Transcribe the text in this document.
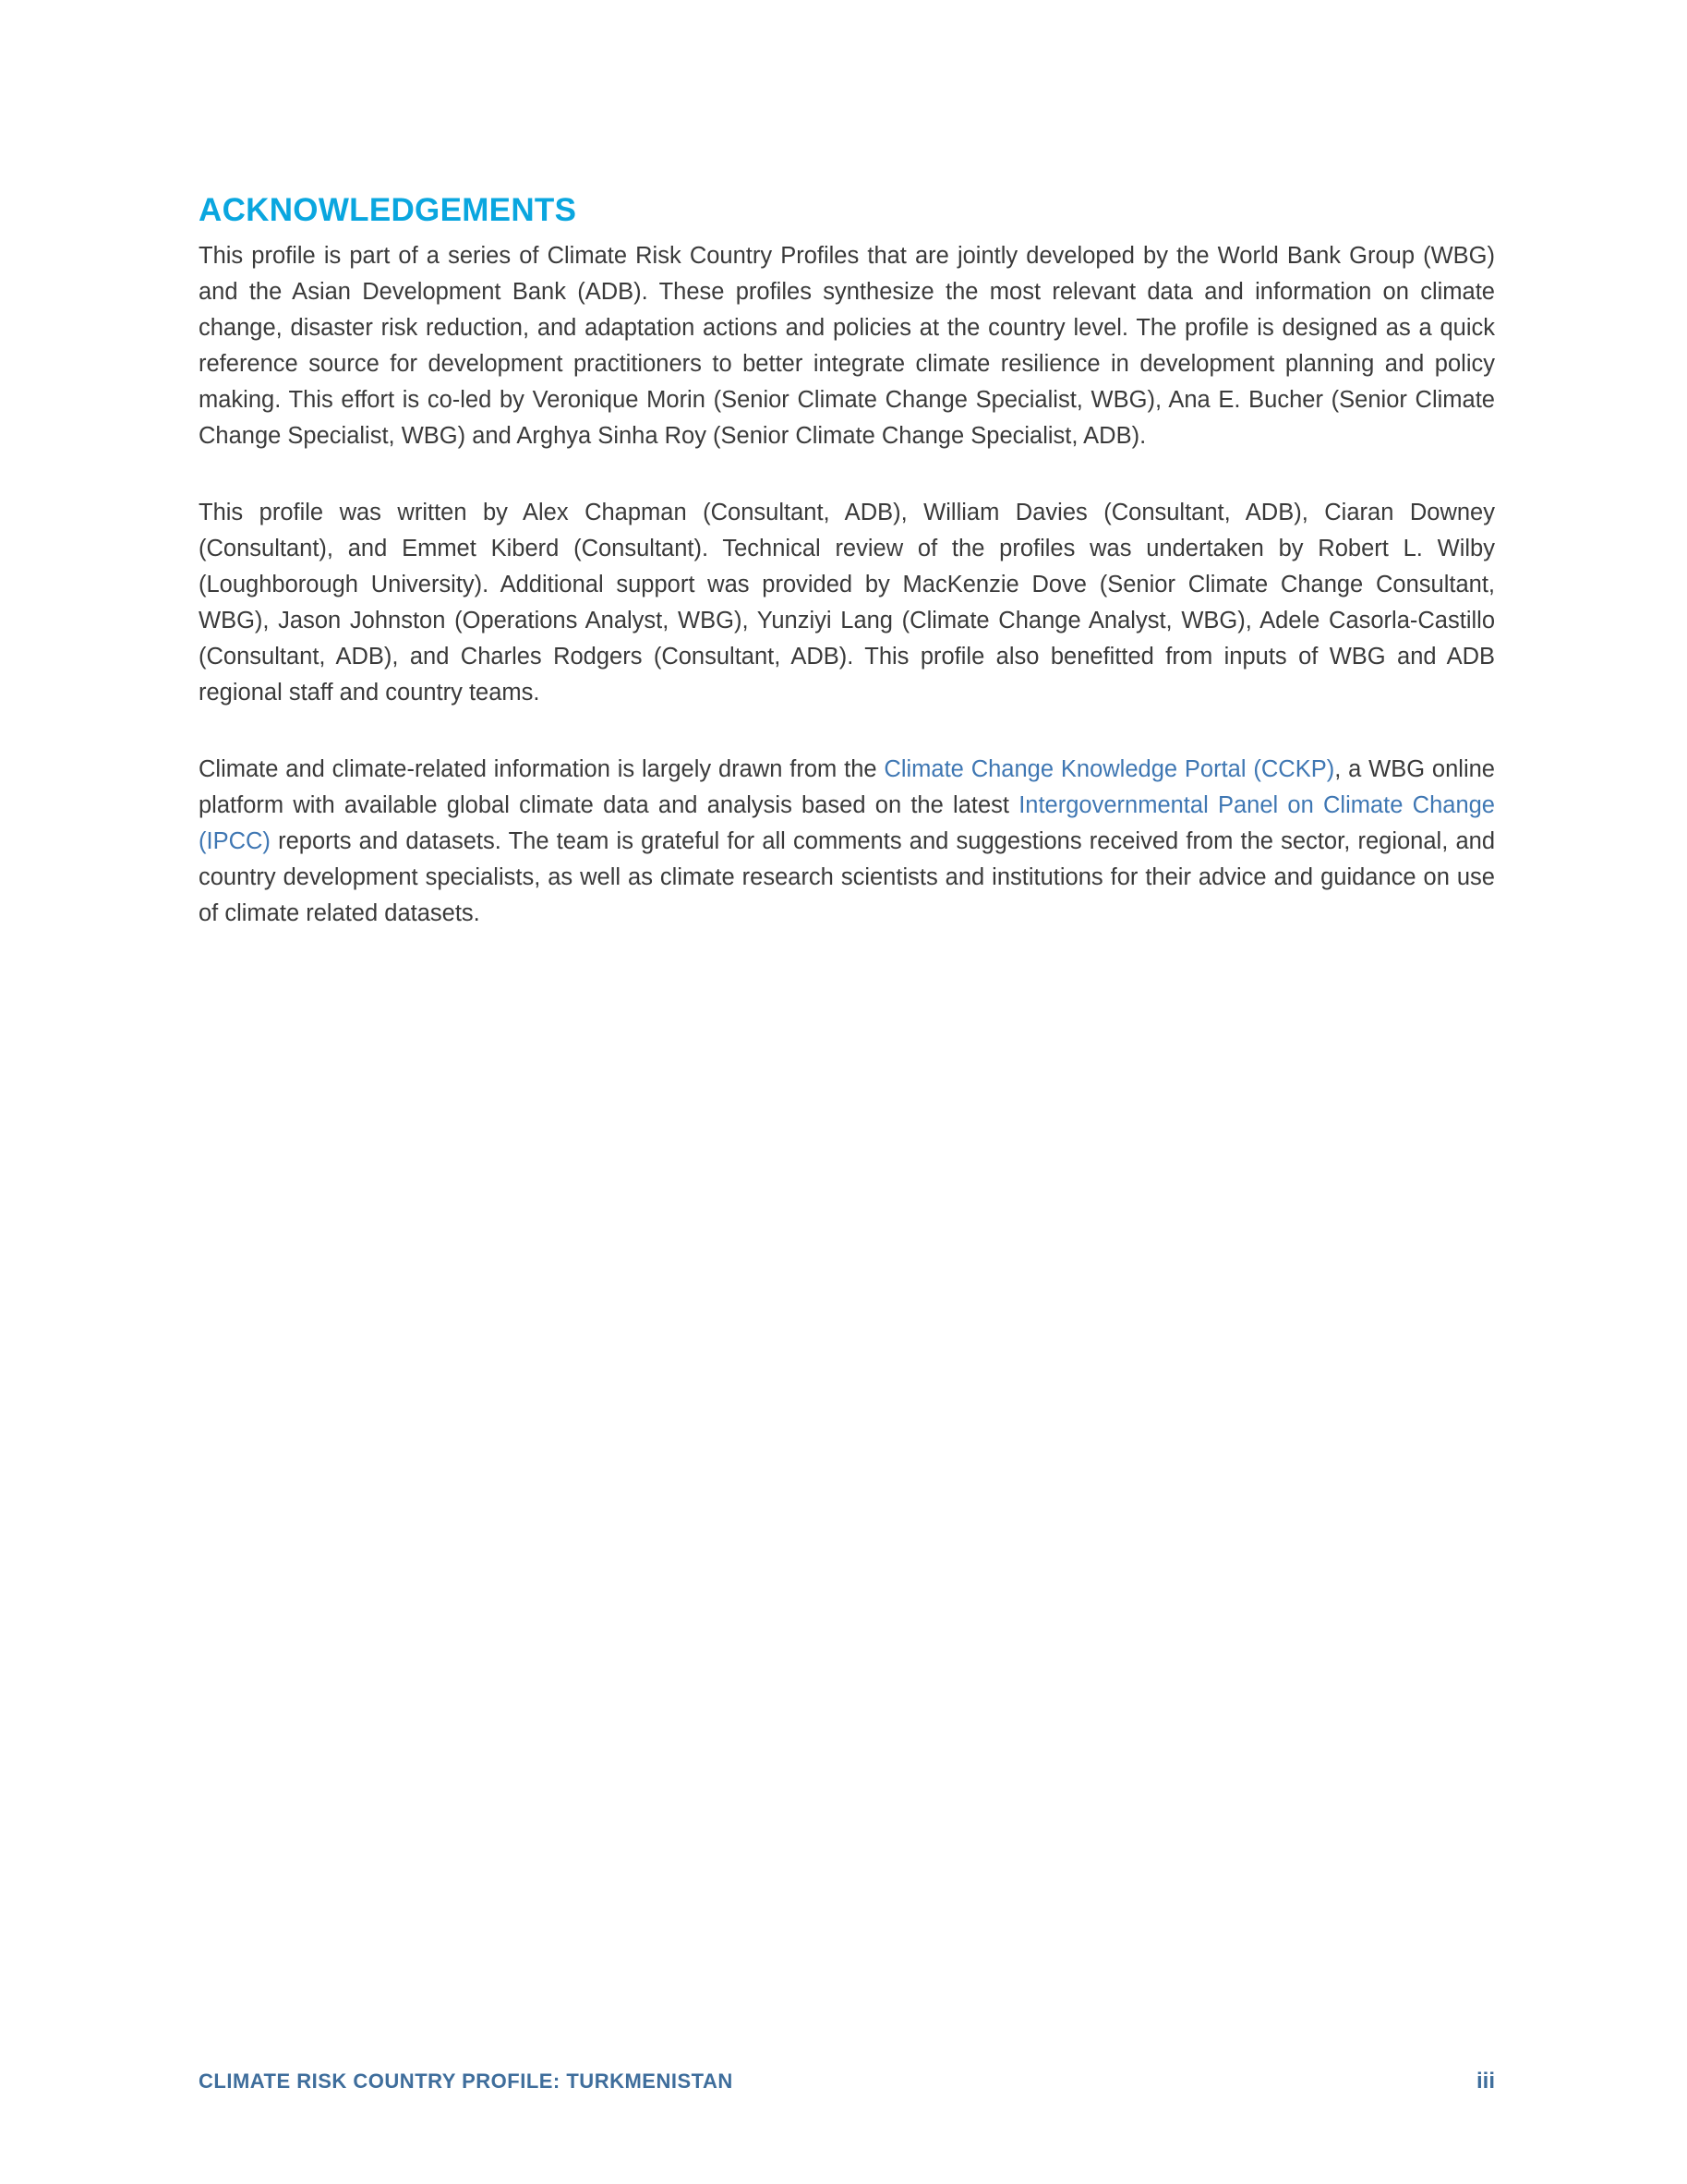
ACKNOWLEDGEMENTS

This profile is part of a series of Climate Risk Country Profiles that are jointly developed by the World Bank Group (WBG) and the Asian Development Bank (ADB). These profiles synthesize the most relevant data and information on climate change, disaster risk reduction, and adaptation actions and policies at the country level. The profile is designed as a quick reference source for development practitioners to better integrate climate resilience in development planning and policy making. This effort is co-led by Veronique Morin (Senior Climate Change Specialist, WBG), Ana E. Bucher (Senior Climate Change Specialist, WBG) and Arghya Sinha Roy (Senior Climate Change Specialist, ADB).

This profile was written by Alex Chapman (Consultant, ADB), William Davies (Consultant, ADB), Ciaran Downey (Consultant), and Emmet Kiberd (Consultant). Technical review of the profiles was undertaken by Robert L. Wilby (Loughborough University). Additional support was provided by MacKenzie Dove (Senior Climate Change Consultant, WBG), Jason Johnston (Operations Analyst, WBG), Yunziyi Lang (Climate Change Analyst, WBG), Adele Casorla-Castillo (Consultant, ADB), and Charles Rodgers (Consultant, ADB). This profile also benefitted from inputs of WBG and ADB regional staff and country teams.

Climate and climate-related information is largely drawn from the Climate Change Knowledge Portal (CCKP), a WBG online platform with available global climate data and analysis based on the latest Intergovernmental Panel on Climate Change (IPCC) reports and datasets. The team is grateful for all comments and suggestions received from the sector, regional, and country development specialists, as well as climate research scientists and institutions for their advice and guidance on use of climate related datasets.

CLIMATE RISK COUNTRY PROFILE: TURKMENISTAN	iii
